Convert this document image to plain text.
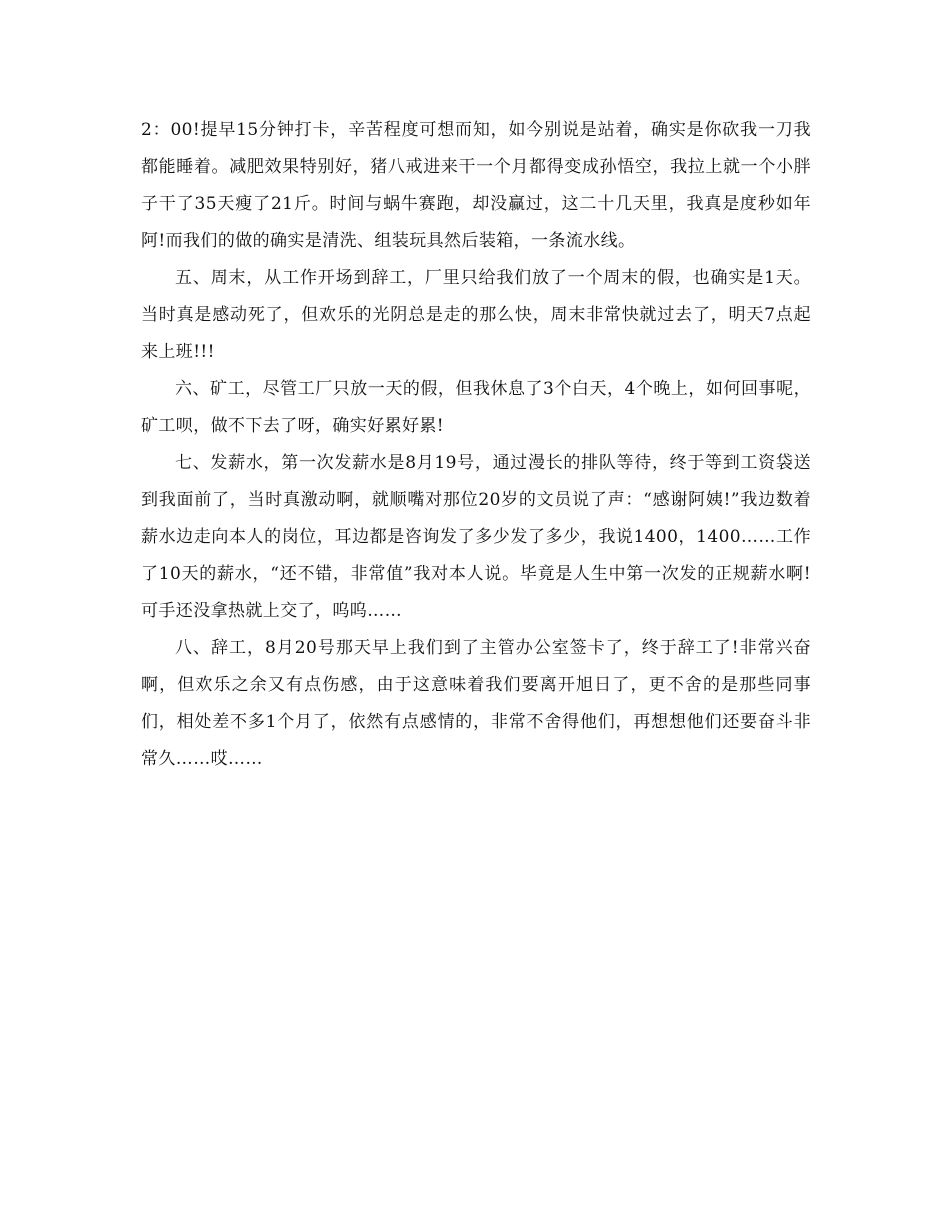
2：00!提早15分钟打卡，辛苦程度可想而知，如今别说是站着，确实是你砍我一刀我都能睡着。减肥效果特别好，猪八戒进来干一个月都得变成孙悟空，我拉上就一个小胖子干了35天瘦了21斤。时间与蜗牛赛跑，却没赢过，这二十几天里，我真是度秒如年阿!而我们的做的确实是清洗、组装玩具然后装箱，一条流水线。

五、周末，从工作开场到辞工，厂里只给我们放了一个周末的假，也确实是1天。当时真是感动死了，但欢乐的光阴总是走的那么快，周末非常快就过去了，明天7点起来上班!!!

六、矿工，尽管工厂只放一天的假，但我休息了3个白天，4个晚上，如何回事呢，矿工呗，做不下去了呀，确实好累好累!

七、发薪水，第一次发薪水是8月19号，通过漫长的排队等待，终于等到工资袋送到我面前了，当时真激动啊，就顺嘴对那位20岁的文员说了声：“感谢阿姨!”我边数着薪水边走向本人的岗位，耳边都是咨询发了多少发了多少，我说1400，1400……工作了10天的薪水，“还不错，非常值”我对本人说。毕竟是人生中第一次发的正规薪水啊!可手还没拿热就上交了，呜呜……

八、辞工，8月20号那天早上我们到了主管办公室签卡了，终于辞工了!非常兴奋啊，但欢乐之余又有点伤感，由于这意味着我们要离开旭日了，更不舍的是那些同事们，相处差不多1个月了，依然有点感情的，非常不舍得他们，再想想他们还要奋斗非常久……哎……
